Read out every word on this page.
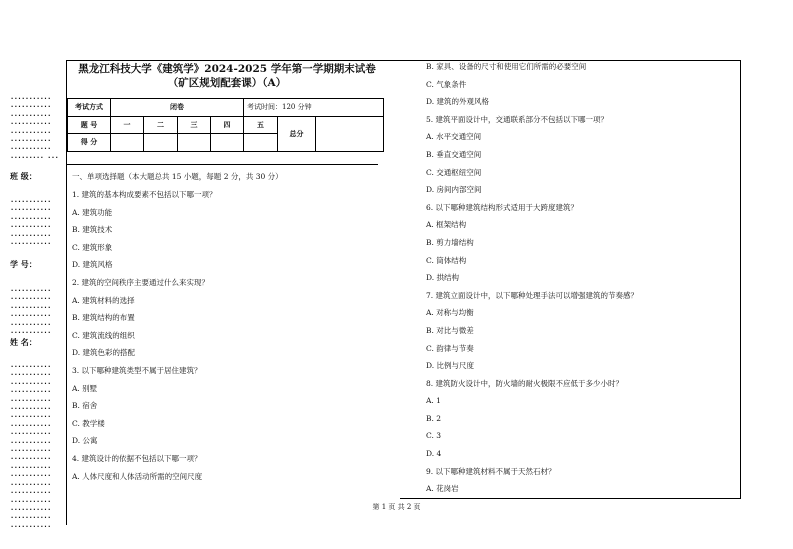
...........
...........
...........
...........
...........
...........
...........
......... ...
班 级：
...........
...........
...........
...........
...........
...........
学 号：
...........
...........
...........
...........
...........
...........
姓 名：
...........
...........
...........
...........
...........
...........
...........
...........
...........
...........
...........
...........
...........
...........
...........
...........
...........
...........
...........
...........
黑龙江科技大学《建筑学》2024-2025 学年第一学期期末试卷（矿区规划配套课）（A）
考试方式	闭卷				考试时间：120 分钟		
题 号	一	二	三	四	五	总分	
得 分							
一、单项选择题（本大题总共 15 小题，每题 2 分，共 30 分）
1. 建筑的基本构成要素不包括以下哪一项？
A. 建筑功能
B. 建筑技术
C. 建筑形象
D. 建筑风格
2. 建筑的空间秩序主要通过什么来实现？
A. 建筑材料的选择
B. 建筑结构的布置
C. 建筑流线的组织
D. 建筑色彩的搭配
3. 以下哪种建筑类型不属于居住建筑？
A. 别墅
B. 宿舍
C. 教学楼
D. 公寓
4. 建筑设计的依据不包括以下哪一项？
A. 人体尺度和人体活动所需的空间尺度
B. 家具、设备的尺寸和使用它们所需的必要空间
C. 气象条件
D. 建筑的外观风格
5. 建筑平面设计中，交通联系部分不包括以下哪一项？
A. 水平交通空间
B. 垂直交通空间
C. 交通枢纽空间
D. 房间内部空间
6. 以下哪种建筑结构形式适用于大跨度建筑？
A. 框架结构
B. 剪力墙结构
C. 筒体结构
D. 拱结构
7. 建筑立面设计中，以下哪种处理手法可以增强建筑的节奏感？
A. 对称与均衡
B. 对比与微差
C. 韵律与节奏
D. 比例与尺度
8. 建筑防火设计中，防火墙的耐火极限不应低于多少小时？
A. 1
B. 2
C. 3
D. 4
9. 以下哪种建筑材料不属于天然石材？
A. 花岗岩
第 1 页 共 2 页
